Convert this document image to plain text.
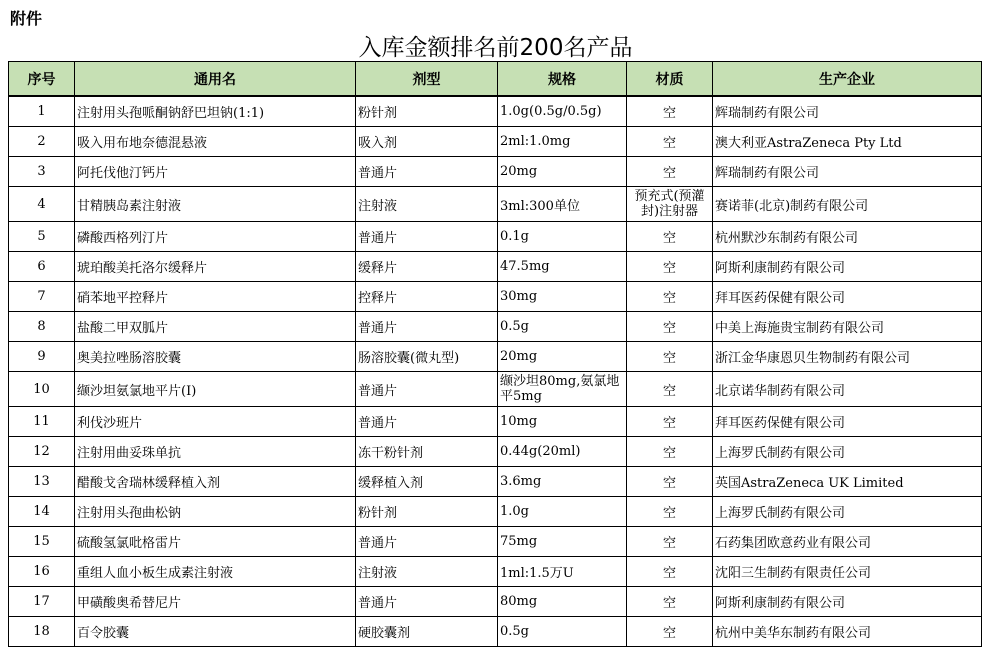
附件
入库金额排名前200名产品
序号	通用名	剂型	规格	材质	生产企业
1	注射用头孢哌酮钠舒巴坦钠(1:1)	粉针剂	1.0g(0.5g/0.5g)	空	辉瑞制药有限公司
2	吸入用布地奈德混悬液	吸入剂	2ml:1.0mg	空	澳大利亚AstraZeneca Pty Ltd
3	阿托伐他汀钙片	普通片	20mg	空	辉瑞制药有限公司
4	甘精胰岛素注射液	注射液	3ml:300单位	预充式(预灌封)注射器	赛诺菲(北京)制药有限公司
5	磷酸西格列汀片	普通片	0.1g	空	杭州默沙东制药有限公司
6	琥珀酸美托洛尔缓释片	缓释片	47.5mg	空	阿斯利康制药有限公司
7	硝苯地平控释片	控释片	30mg	空	拜耳医药保健有限公司
8	盐酸二甲双胍片	普通片	0.5g	空	中美上海施贵宝制药有限公司
9	奥美拉唑肠溶胶囊	肠溶胶囊(微丸型)	20mg	空	浙江金华康恩贝生物制药有限公司
10	缬沙坦氨氯地平片(Ⅰ)	普通片	缬沙坦80mg,氨氯地平5mg	空	北京诺华制药有限公司
11	利伐沙班片	普通片	10mg	空	拜耳医药保健有限公司
12	注射用曲妥珠单抗	冻干粉针剂	0.44g(20ml)	空	上海罗氏制药有限公司
13	醋酸戈舍瑞林缓释植入剂	缓释植入剂	3.6mg	空	英国AstraZeneca UK Limited
14	注射用头孢曲松钠	粉针剂	1.0g	空	上海罗氏制药有限公司
15	硫酸氢氯吡格雷片	普通片	75mg	空	石药集团欧意药业有限公司
16	重组人血小板生成素注射液	注射液	1ml:1.5万U	空	沈阳三生制药有限责任公司
17	甲磺酸奥希替尼片	普通片	80mg	空	阿斯利康制药有限公司
18	百令胶囊	硬胶囊剂	0.5g	空	杭州中美华东制药有限公司
